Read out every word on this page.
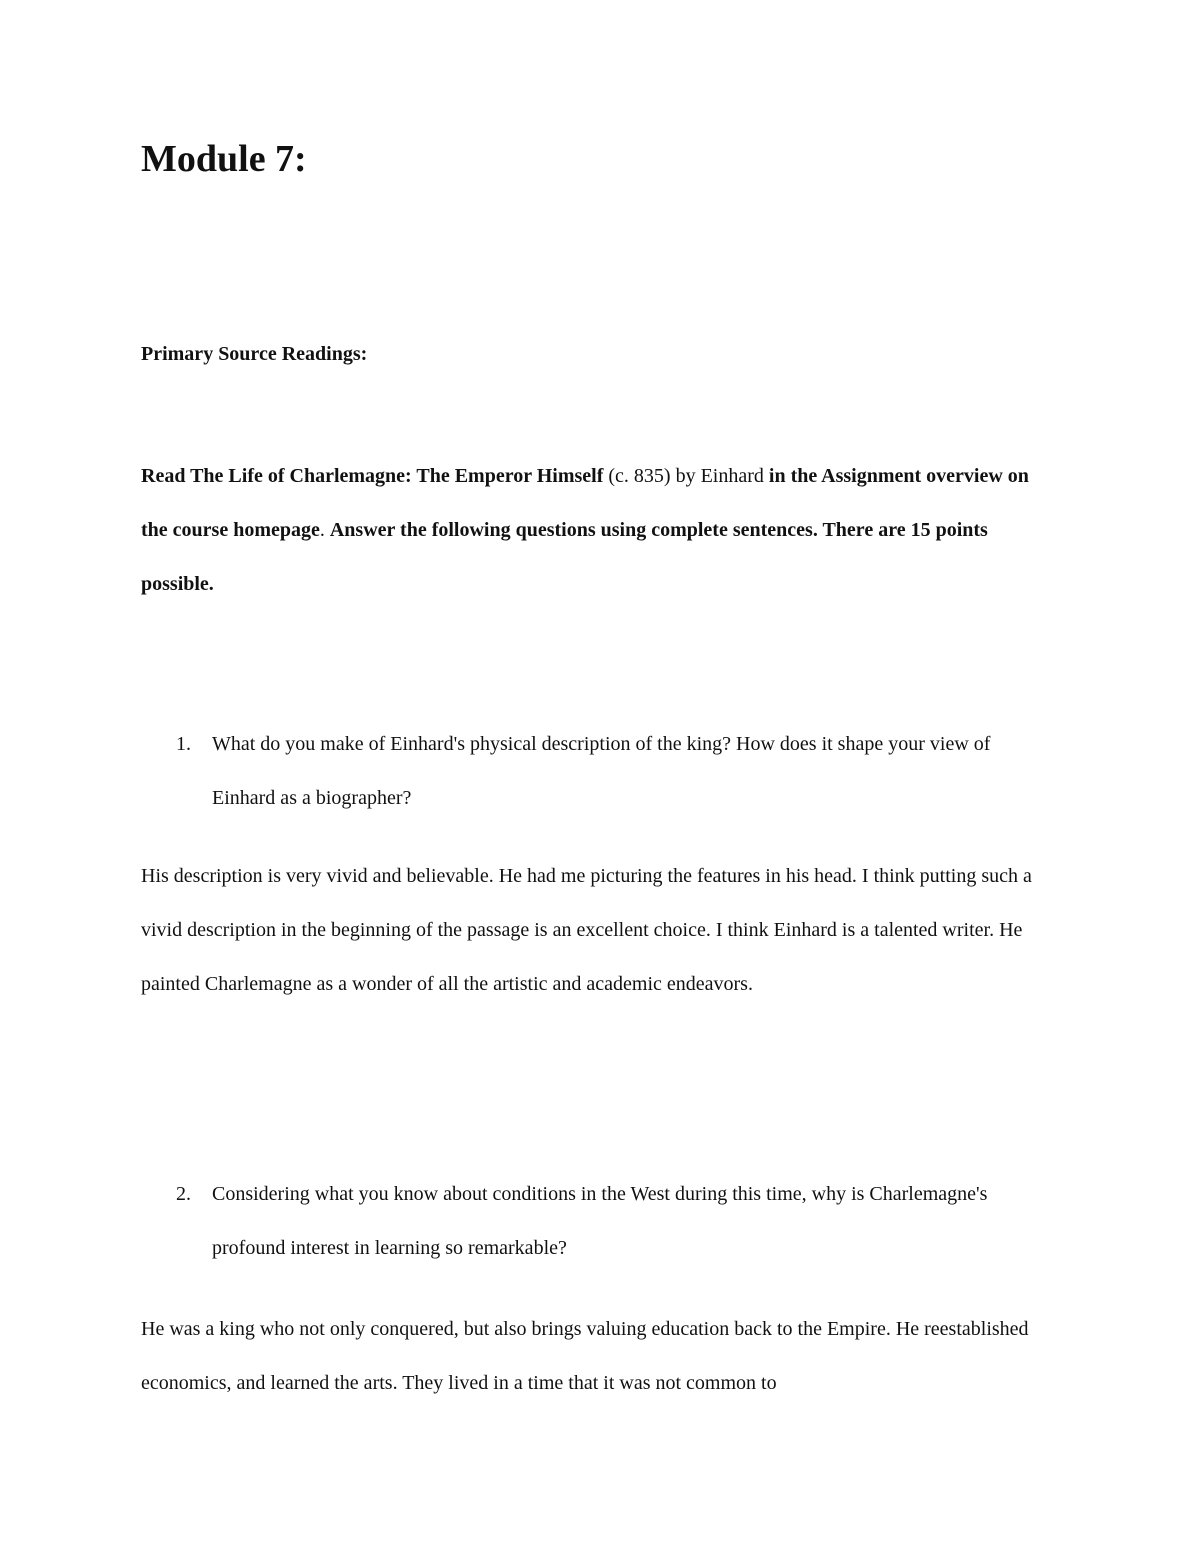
Module 7:
Primary Source Readings:

Read The Life of Charlemagne: The Emperor Himself (c. 835) by Einhard in the Assignment overview on the course homepage. Answer the following questions using complete sentences. There are 15 points possible.

1.	What do you make of Einhard's physical description of the king? How does it shape your view of Einhard as a biographer?

His description is very vivid and believable. He had me picturing the features in his head. I think putting such a vivid description in the beginning of the passage is an excellent choice. I think Einhard is a talented writer. He painted Charlemagne as a wonder of all the artistic and academic endeavors.

2.	Considering what you know about conditions in the West during this time, why is Charlemagne's profound interest in learning so remarkable?

He was a king who not only conquered, but also brings valuing education back to the Empire. He reestablished economics, and learned the arts. They lived in a time that it was not common to
